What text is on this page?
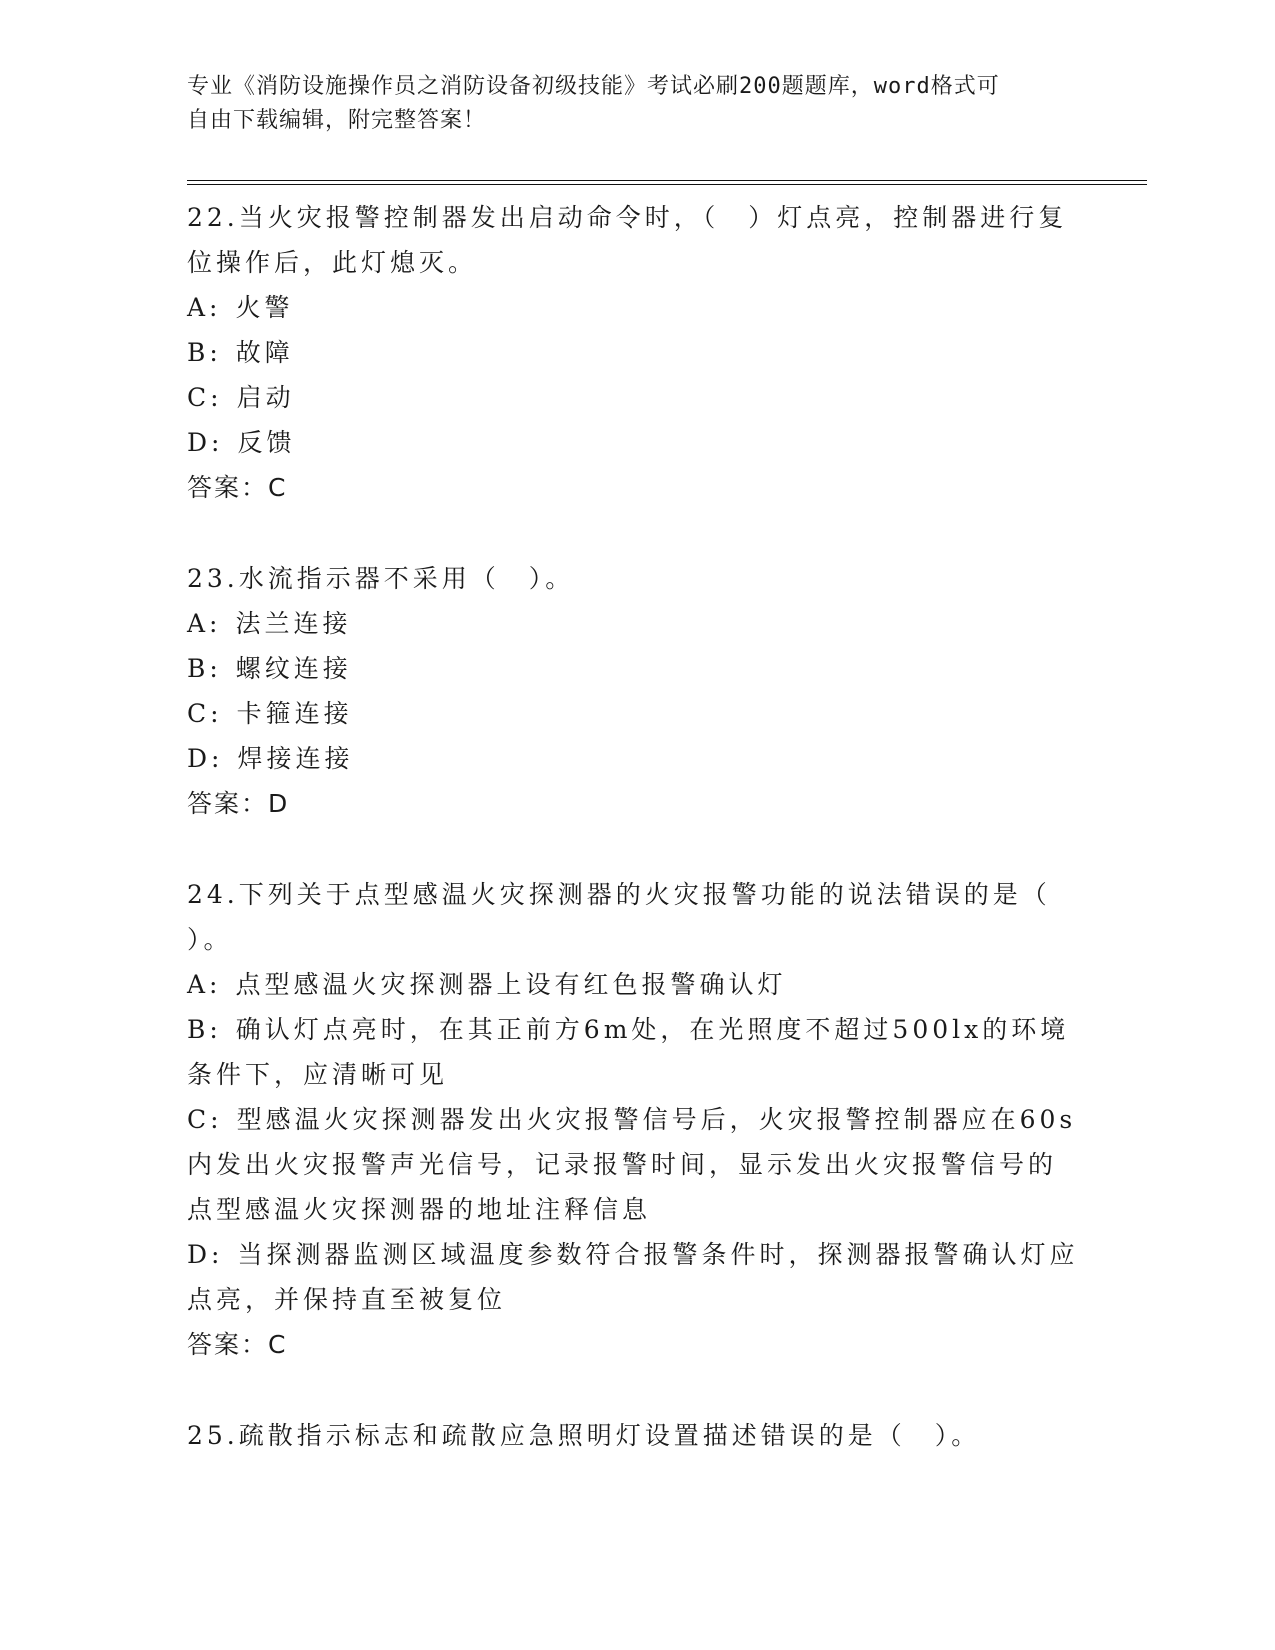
专业《消防设施操作员之消防设备初级技能》考试必刷200题题库，word格式可
自由下载编辑，附完整答案！

22.当火灾报警控制器发出启动命令时，（　）灯点亮，控制器进行复

位操作后，此灯熄灭。

A: 火警

B: 故障

C: 启动

D: 反馈

答案：C

23.水流指示器不采用（　）。

A: 法兰连接

B: 螺纹连接

C: 卡箍连接

D: 焊接连接

答案：D

24.下列关于点型感温火灾探测器的火灾报警功能的说法错误的是（

）。

A: 点型感温火灾探测器上设有红色报警确认灯

B: 确认灯点亮时，在其正前方6m处，在光照度不超过500lx的环境

条件下，应清晰可见

C: 型感温火灾探测器发出火灾报警信号后，火灾报警控制器应在60s

内发出火灾报警声光信号，记录报警时间，显示发出火灾报警信号的

点型感温火灾探测器的地址注释信息

D: 当探测器监测区域温度参数符合报警条件时，探测器报警确认灯应

点亮，并保持直至被复位

答案：C

25.疏散指示标志和疏散应急照明灯设置描述错误的是（　）。
